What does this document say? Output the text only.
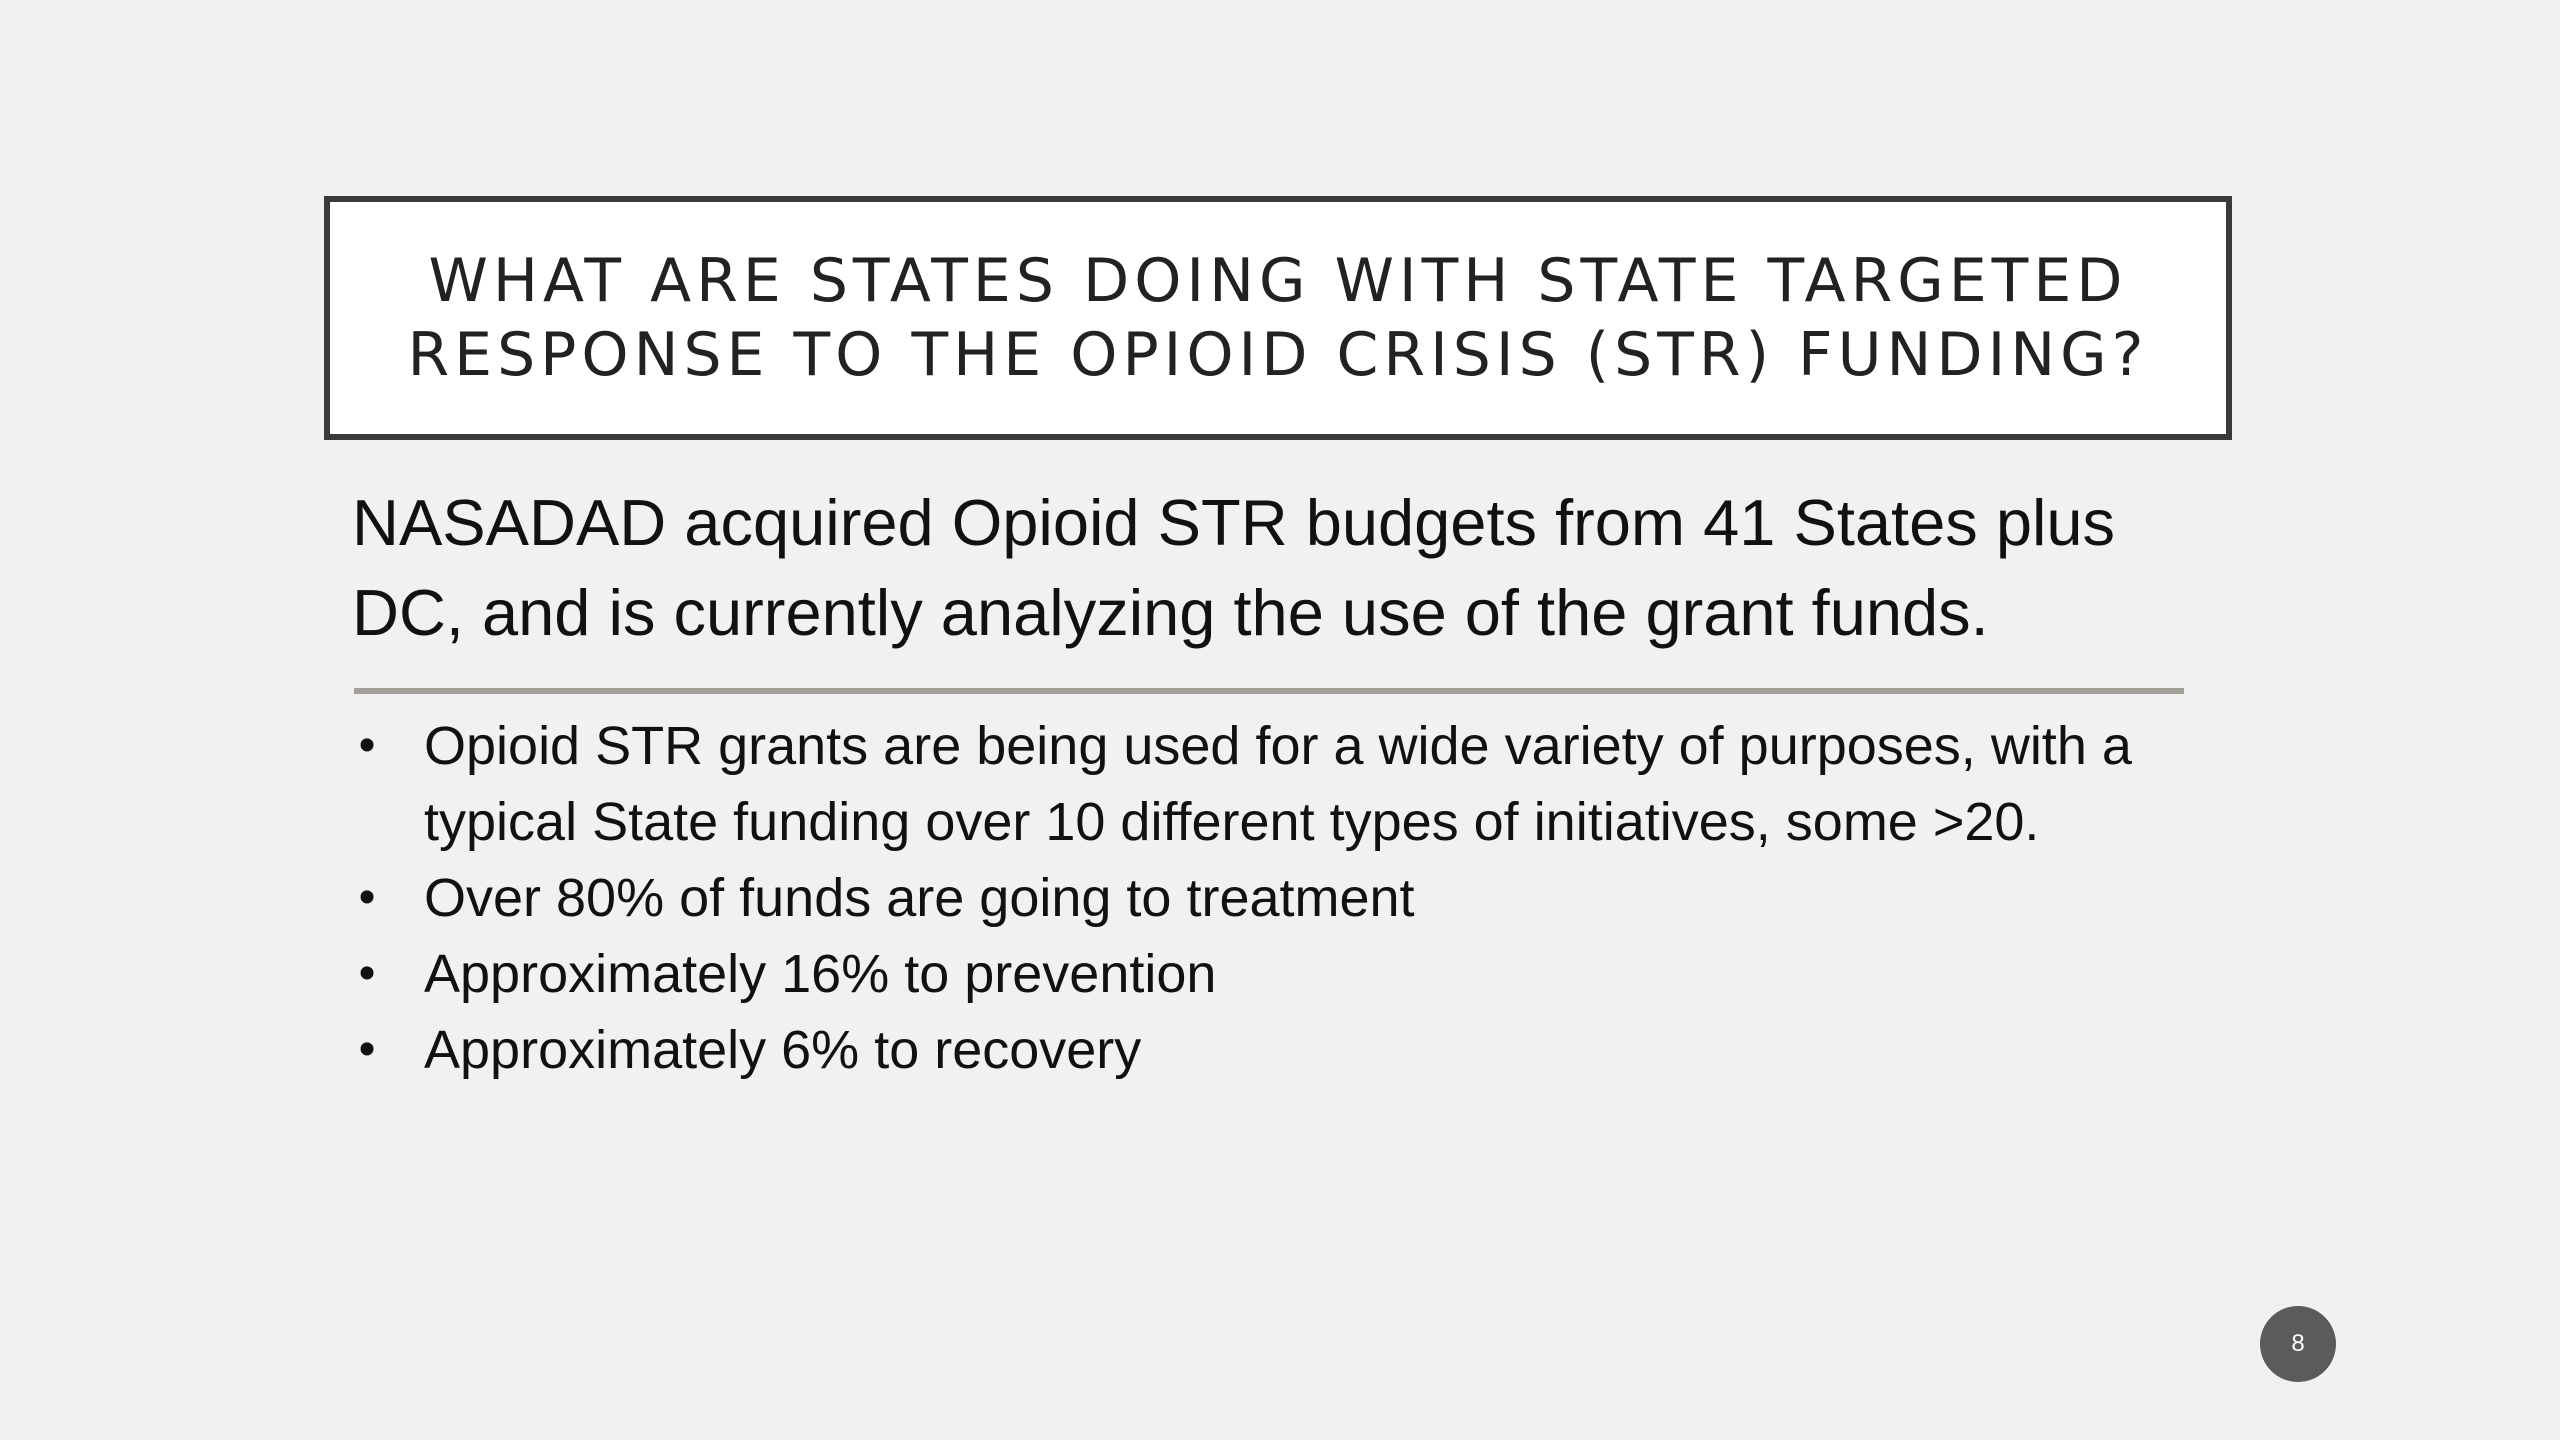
WHAT ARE STATES DOING WITH STATE TARGETED
RESPONSE TO THE OPIOID CRISIS (STR) FUNDING?

NASADAD acquired Opioid STR budgets from 41 States plus DC, and is currently analyzing the use of the grant funds.

• Opioid STR grants are being used for a wide variety of purposes, with a typical State funding over 10 different types of initiatives, some >20.
• Over 80% of funds are going to treatment
• Approximately 16% to prevention
• Approximately 6% to recovery
8
